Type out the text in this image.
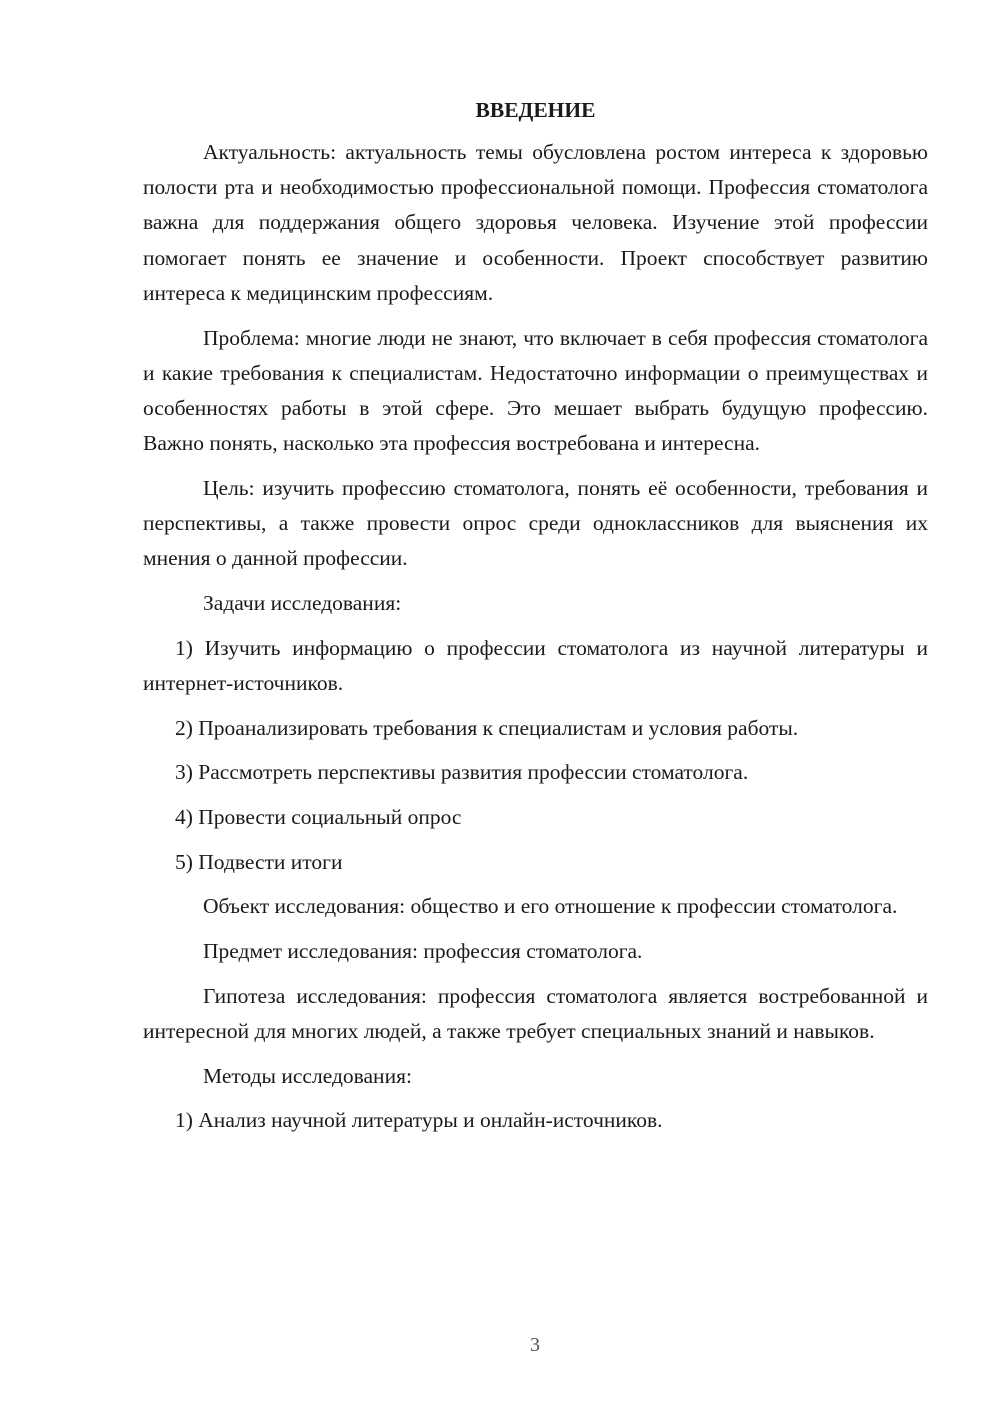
ВВЕДЕНИЕ

Актуальность: актуальность темы обусловлена ростом интереса к здоровью полости рта и необходимостью профессиональной помощи. Профессия стоматолога важна для поддержания общего здоровья человека. Изучение этой профессии помогает понять ее значение и особенности. Проект способствует развитию интереса к медицинским профессиям.

Проблема: многие люди не знают, что включает в себя профессия стоматолога и какие требования к специалистам. Недостаточно информации о преимуществах и особенностях работы в этой сфере. Это мешает выбрать будущую профессию. Важно понять, насколько эта профессия востребована и интересна.

Цель: изучить профессию стоматолога, понять её особенности, требования и перспективы, а также провести опрос среди одноклассников для выяснения их мнения о данной профессии.

Задачи исследования:

1) Изучить информацию о профессии стоматолога из научной литературы и интернет-источников.

2) Проанализировать требования к специалистам и условия работы.

3) Рассмотреть перспективы развития профессии стоматолога.

4) Провести социальный опрос

5) Подвести итоги

Объект исследования: общество и его отношение к профессии стоматолога.

Предмет исследования: профессия стоматолога.

Гипотеза исследования: профессия стоматолога является востребованной и интересной для многих людей, а также требует специальных знаний и навыков.

Методы исследования:

1) Анализ научной литературы и онлайн-источников.

3
